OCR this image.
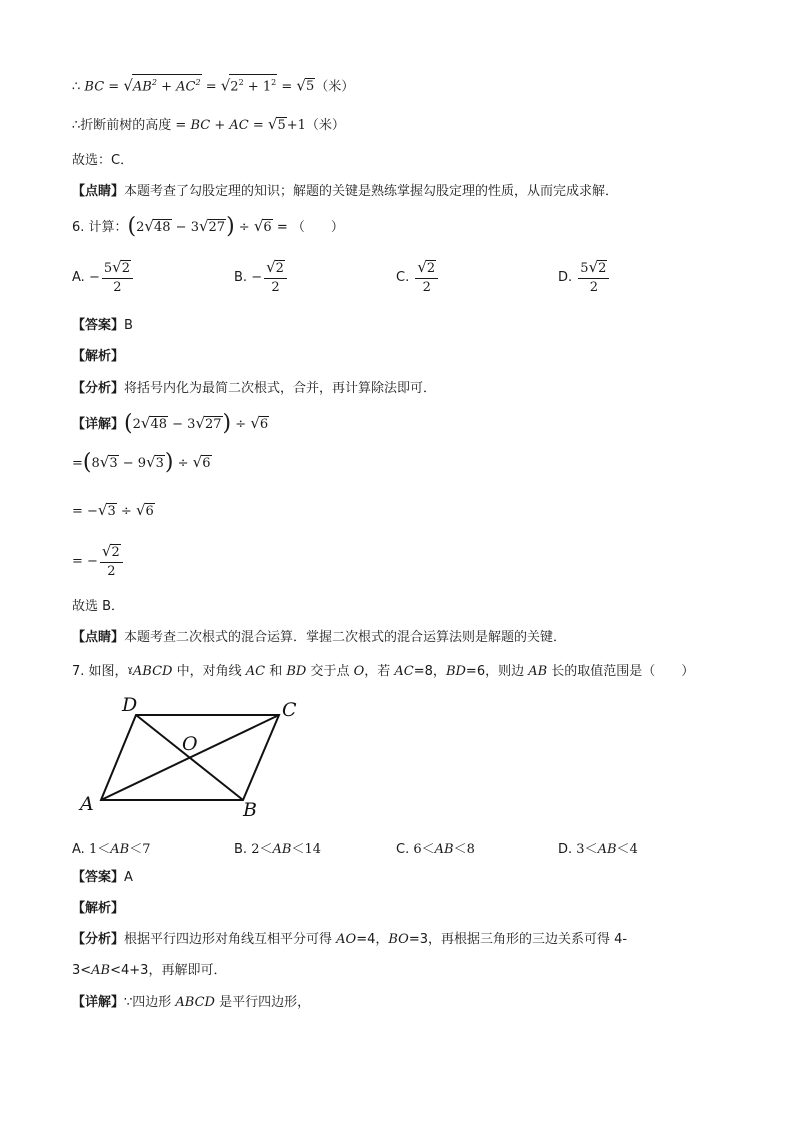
∴ BC = $√AB^2 + AC^2 = √2^2 + 1^2 = √5$（米）
∴折断前树的高度 = BC + AC = √5+1（米）
故选：C．
【点睛】本题考查了勾股定理的知识；解题的关键是熟练掌握勾股定理的性质，从而完成求解．
6. 计算：(2√48 − 3√27) ÷ √6 = （　　）
A. − $\frac{5√2}{2}$	B. − $\frac{√2}{2}$	C. $\frac{√2}{2}$	D. $\frac{5√2}{2}$
【答案】B
【解析】
【分析】将括号内化为最简二次根式，合并，再计算除法即可．
【详解】(2√48 − 3√27) ÷ √6
=(8√3 − 9√3) ÷ √6
= −√3 ÷ √6
= − $\frac{√2}{2}$
故选 B．
【点睛】本题考查二次根式的混合运算．掌握二次根式的混合运算法则是解题的关键．
7. 如图，$^ɣ$ABCD 中，对角线 AC 和 BD 交于点 O，若 AC=8，BD=6，则边 AB 长的取值范围是（　　）
D	C
O
A	B
A. 1＜AB＜7	B. 2＜AB＜14	C. 6＜AB＜8	D. 3＜AB＜4
【答案】A
【解析】
【分析】根据平行四边形对角线互相平分可得 AO=4，BO=3，再根据三角形的三边关系可得 4-
3<AB<4+3，再解即可．
【详解】∵四边形 ABCD 是平行四边形，
